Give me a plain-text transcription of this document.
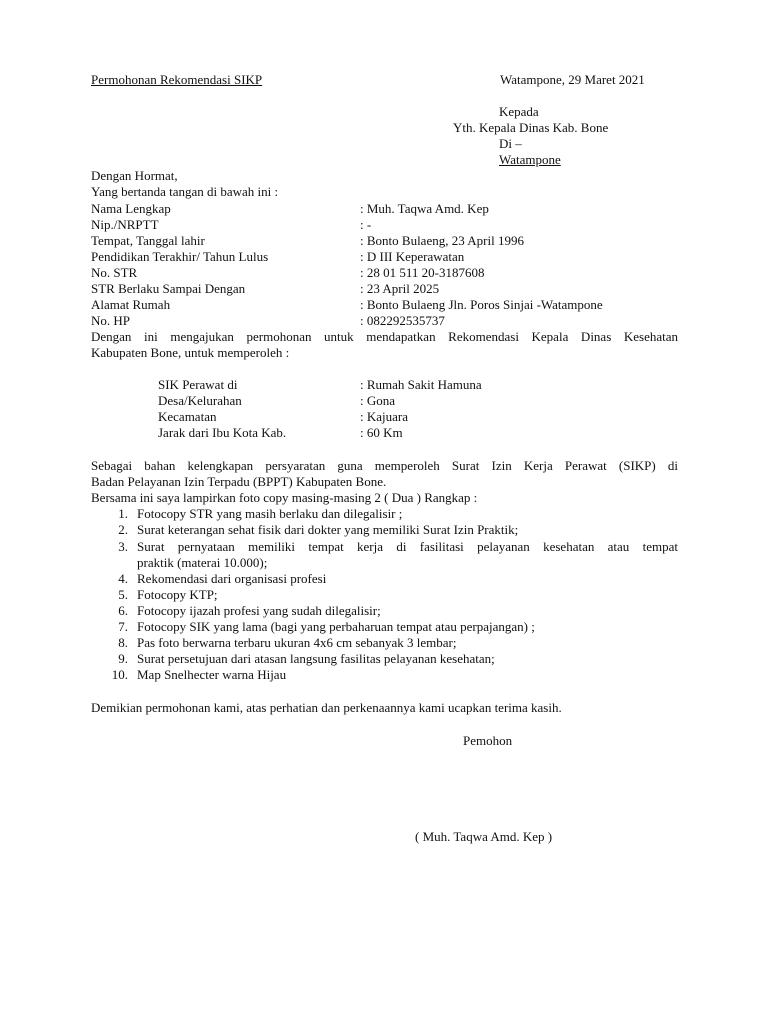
Permohonan Rekomendasi SIKP	Watampone, 29 Maret 2021
Kepada
Yth. Kepala Dinas Kab. Bone
Di –
Watampone
Dengan Hormat,
Yang bertanda tangan di bawah ini :
Nama Lengkap	: Muh. Taqwa Amd. Kep
Nip./NRPTT	: -
Tempat, Tanggal lahir	: Bonto Bulaeng, 23 April 1996
Pendidikan Terakhir/ Tahun Lulus	: D III Keperawatan
No. STR	: 28 01 511 20-3187608
STR Berlaku Sampai Dengan	: 23 April 2025
Alamat Rumah	: Bonto Bulaeng Jln. Poros Sinjai -Watampone
No. HP	: 082292535737
Dengan ini mengajukan permohonan untuk mendapatkan Rekomendasi Kepala Dinas Kesehatan
Kabupaten Bone, untuk memperoleh :
SIK Perawat di	: Rumah Sakit Hamuna
Desa/Kelurahan	: Gona
Kecamatan	: Kajuara
Jarak dari Ibu Kota Kab.	: 60 Km
Sebagai bahan kelengkapan persyaratan guna memperoleh Surat Izin Kerja Perawat (SIKP) di
Badan Pelayanan Izin Terpadu (BPPT) Kabupaten Bone.
Bersama ini saya lampirkan foto copy masing-masing 2 ( Dua ) Rangkap :
1. Fotocopy STR yang masih berlaku dan dilegalisir ;
2. Surat keterangan sehat fisik dari dokter yang memiliki Surat Izin Praktik;
3. Surat pernyataan memiliki tempat kerja di fasilitasi pelayanan kesehatan atau tempat
praktik (materai 10.000);
4. Rekomendasi dari organisasi profesi
5. Fotocopy KTP;
6. Fotocopy ijazah profesi yang sudah dilegalisir;
7. Fotocopy SIK yang lama (bagi yang perbaharuan tempat atau perpajangan) ;
8. Pas foto berwarna terbaru ukuran 4x6 cm sebanyak 3 lembar;
9. Surat persetujuan dari atasan langsung fasilitas pelayanan kesehatan;
10. Map Snelhecter warna Hijau
Demikian permohonan kami, atas perhatian dan perkenaannya kami ucapkan terima kasih.
Pemohon
( Muh. Taqwa Amd. Kep )
